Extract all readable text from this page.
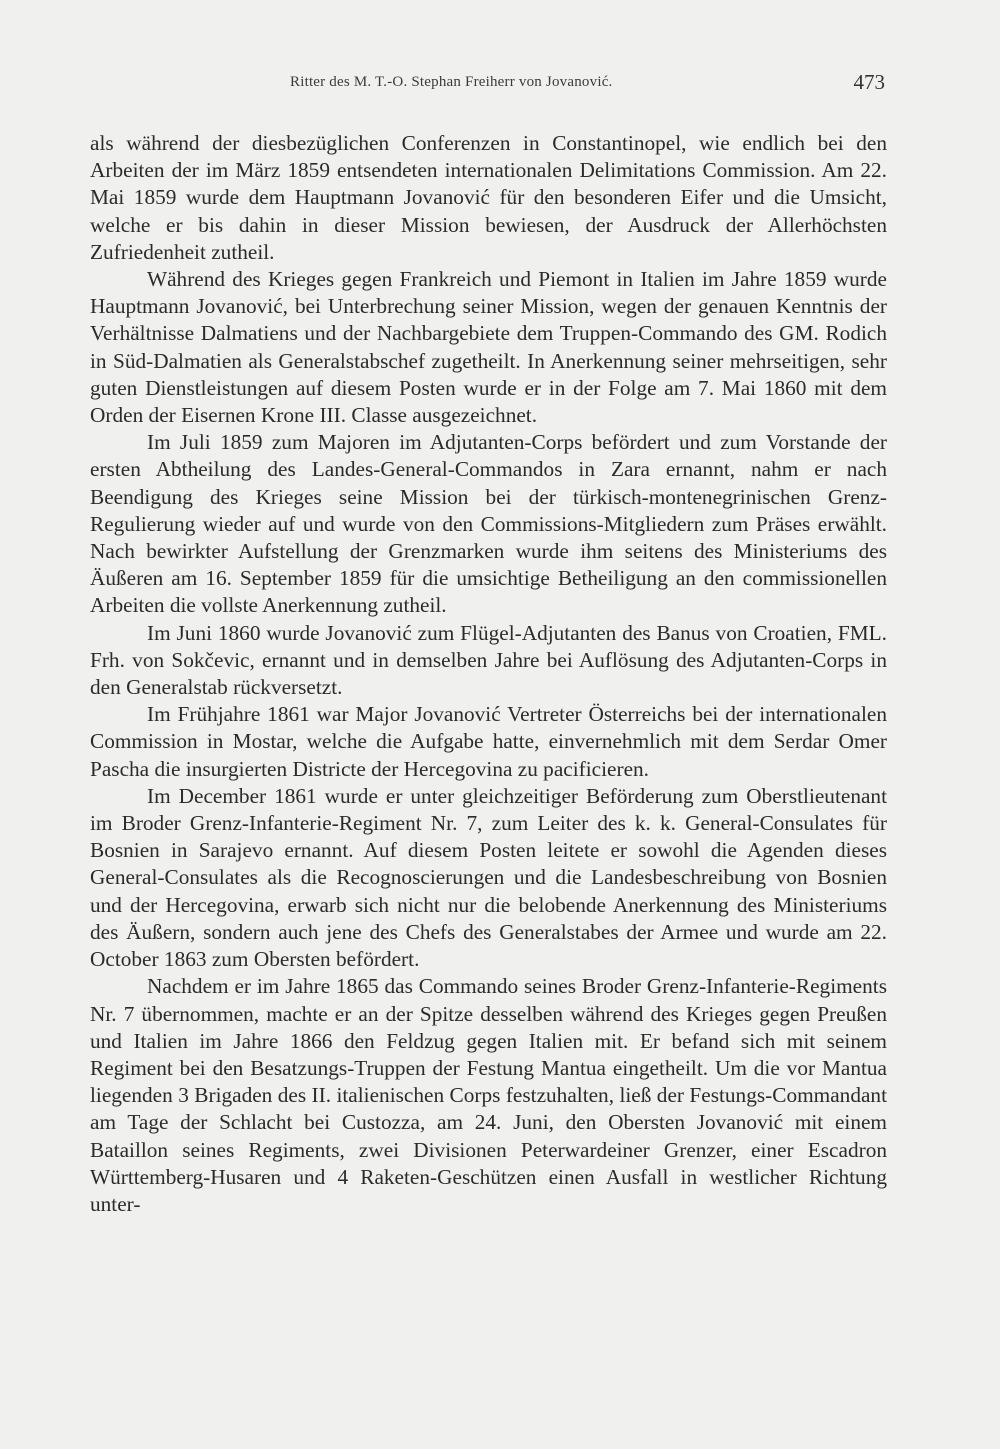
Ritter des M. T.-O. Stephan Freiherr von Jovanović.	473

als während der diesbezüglichen Conferenzen in Constantinopel, wie endlich bei den Arbeiten der im März 1859 entsendeten internationalen Delimitations Commission. Am 22. Mai 1859 wurde dem Hauptmann Jovanović für den besonderen Eifer und die Umsicht, welche er bis dahin in dieser Mission bewiesen, der Ausdruck der Allerhöchsten Zufriedenheit zutheil.

Während des Krieges gegen Frankreich und Piemont in Italien im Jahre 1859 wurde Hauptmann Jovanović, bei Unterbrechung seiner Mission, wegen der genauen Kenntnis der Verhältnisse Dalmatiens und der Nachbargebiete dem Truppen-Commando des GM. Rodich in Süd-Dalmatien als Generalstabschef zugetheilt. In Anerkennung seiner mehrseitigen, sehr guten Dienstleistungen auf diesem Posten wurde er in der Folge am 7. Mai 1860 mit dem Orden der Eisernen Krone III. Classe ausgezeichnet.

Im Juli 1859 zum Majoren im Adjutanten-Corps befördert und zum Vorstande der ersten Abtheilung des Landes-General-Commandos in Zara ernannt, nahm er nach Beendigung des Krieges seine Mission bei der türkisch-montenegrinischen Grenz-Regulierung wieder auf und wurde von den Commissions-Mitgliedern zum Präses erwählt. Nach bewirkter Aufstellung der Grenzmarken wurde ihm seitens des Ministeriums des Äußeren am 16. September 1859 für die umsichtige Betheiligung an den commissionellen Arbeiten die vollste Anerkennung zutheil.

Im Juni 1860 wurde Jovanović zum Flügel-Adjutanten des Banus von Croatien, FML. Frh. von Sokčevic, ernannt und in demselben Jahre bei Auflösung des Adjutanten-Corps in den Generalstab rückversetzt.

Im Frühjahre 1861 war Major Jovanović Vertreter Österreichs bei der internationalen Commission in Mostar, welche die Aufgabe hatte, einvernehmlich mit dem Serdar Omer Pascha die insurgierten Districte der Hercegovina zu pacificieren.

Im December 1861 wurde er unter gleichzeitiger Beförderung zum Oberstlieutenant im Broder Grenz-Infanterie-Regiment Nr. 7, zum Leiter des k. k. General-Consulates für Bosnien in Sarajevo ernannt. Auf diesem Posten leitete er sowohl die Agenden dieses General-Consulates als die Recognoscierungen und die Landesbeschreibung von Bosnien und der Hercegovina, erwarb sich nicht nur die belobende Anerkennung des Ministeriums des Äußern, sondern auch jene des Chefs des Generalstabes der Armee und wurde am 22. October 1863 zum Obersten befördert.

Nachdem er im Jahre 1865 das Commando seines Broder Grenz-Infanterie-Regiments Nr. 7 übernommen, machte er an der Spitze desselben während des Krieges gegen Preußen und Italien im Jahre 1866 den Feldzug gegen Italien mit. Er befand sich mit seinem Regiment bei den Besatzungs-Truppen der Festung Mantua eingetheilt. Um die vor Mantua liegenden 3 Brigaden des II. italienischen Corps festzuhalten, ließ der Festungs-Commandant am Tage der Schlacht bei Custozza, am 24. Juni, den Obersten Jovanović mit einem Bataillon seines Regiments, zwei Divisionen Peterwardeiner Grenzer, einer Escadron Württemberg-Husaren und 4 Raketen-Geschützen einen Ausfall in westlicher Richtung unter-
